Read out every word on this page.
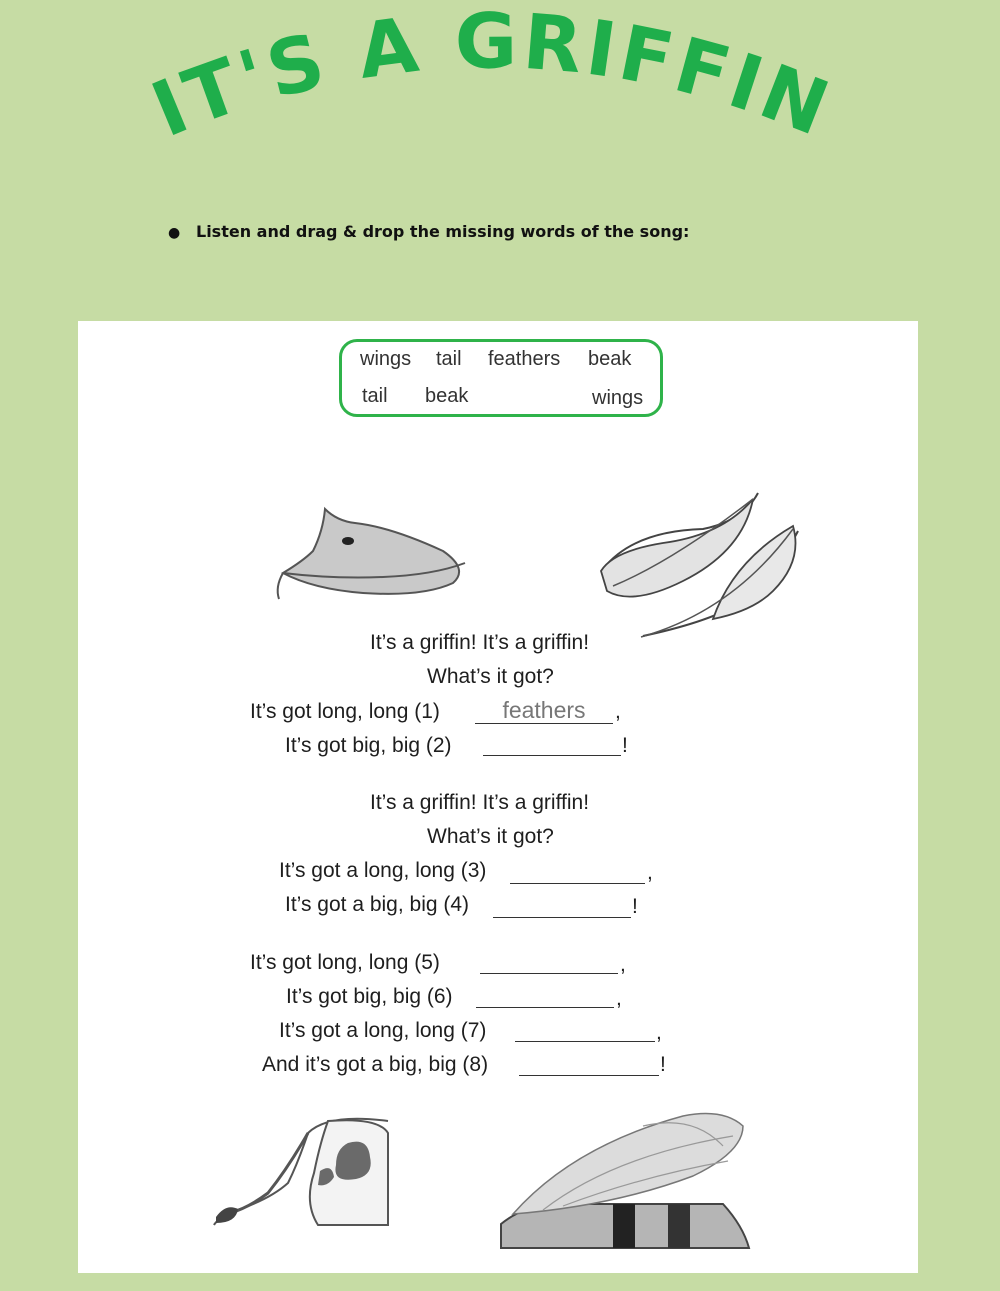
IT'S A GRIFFIN
● Listen and drag & drop the missing words of the song:
wings tail feathers beak
tail beak	wings
It’s a griffin! It’s a griffin!
What’s it got?
It’s got long, long (1)	feathers	,
It’s got big, big (2)	!
It’s a griffin! It’s a griffin!
What’s it got?
It’s got a long, long (3)	,
It’s got a big, big (4)	!
It’s got long, long (5)	,
It’s got big, big (6)	,
It’s got a long, long (7)	,
And it’s got a big, big (8)	!
